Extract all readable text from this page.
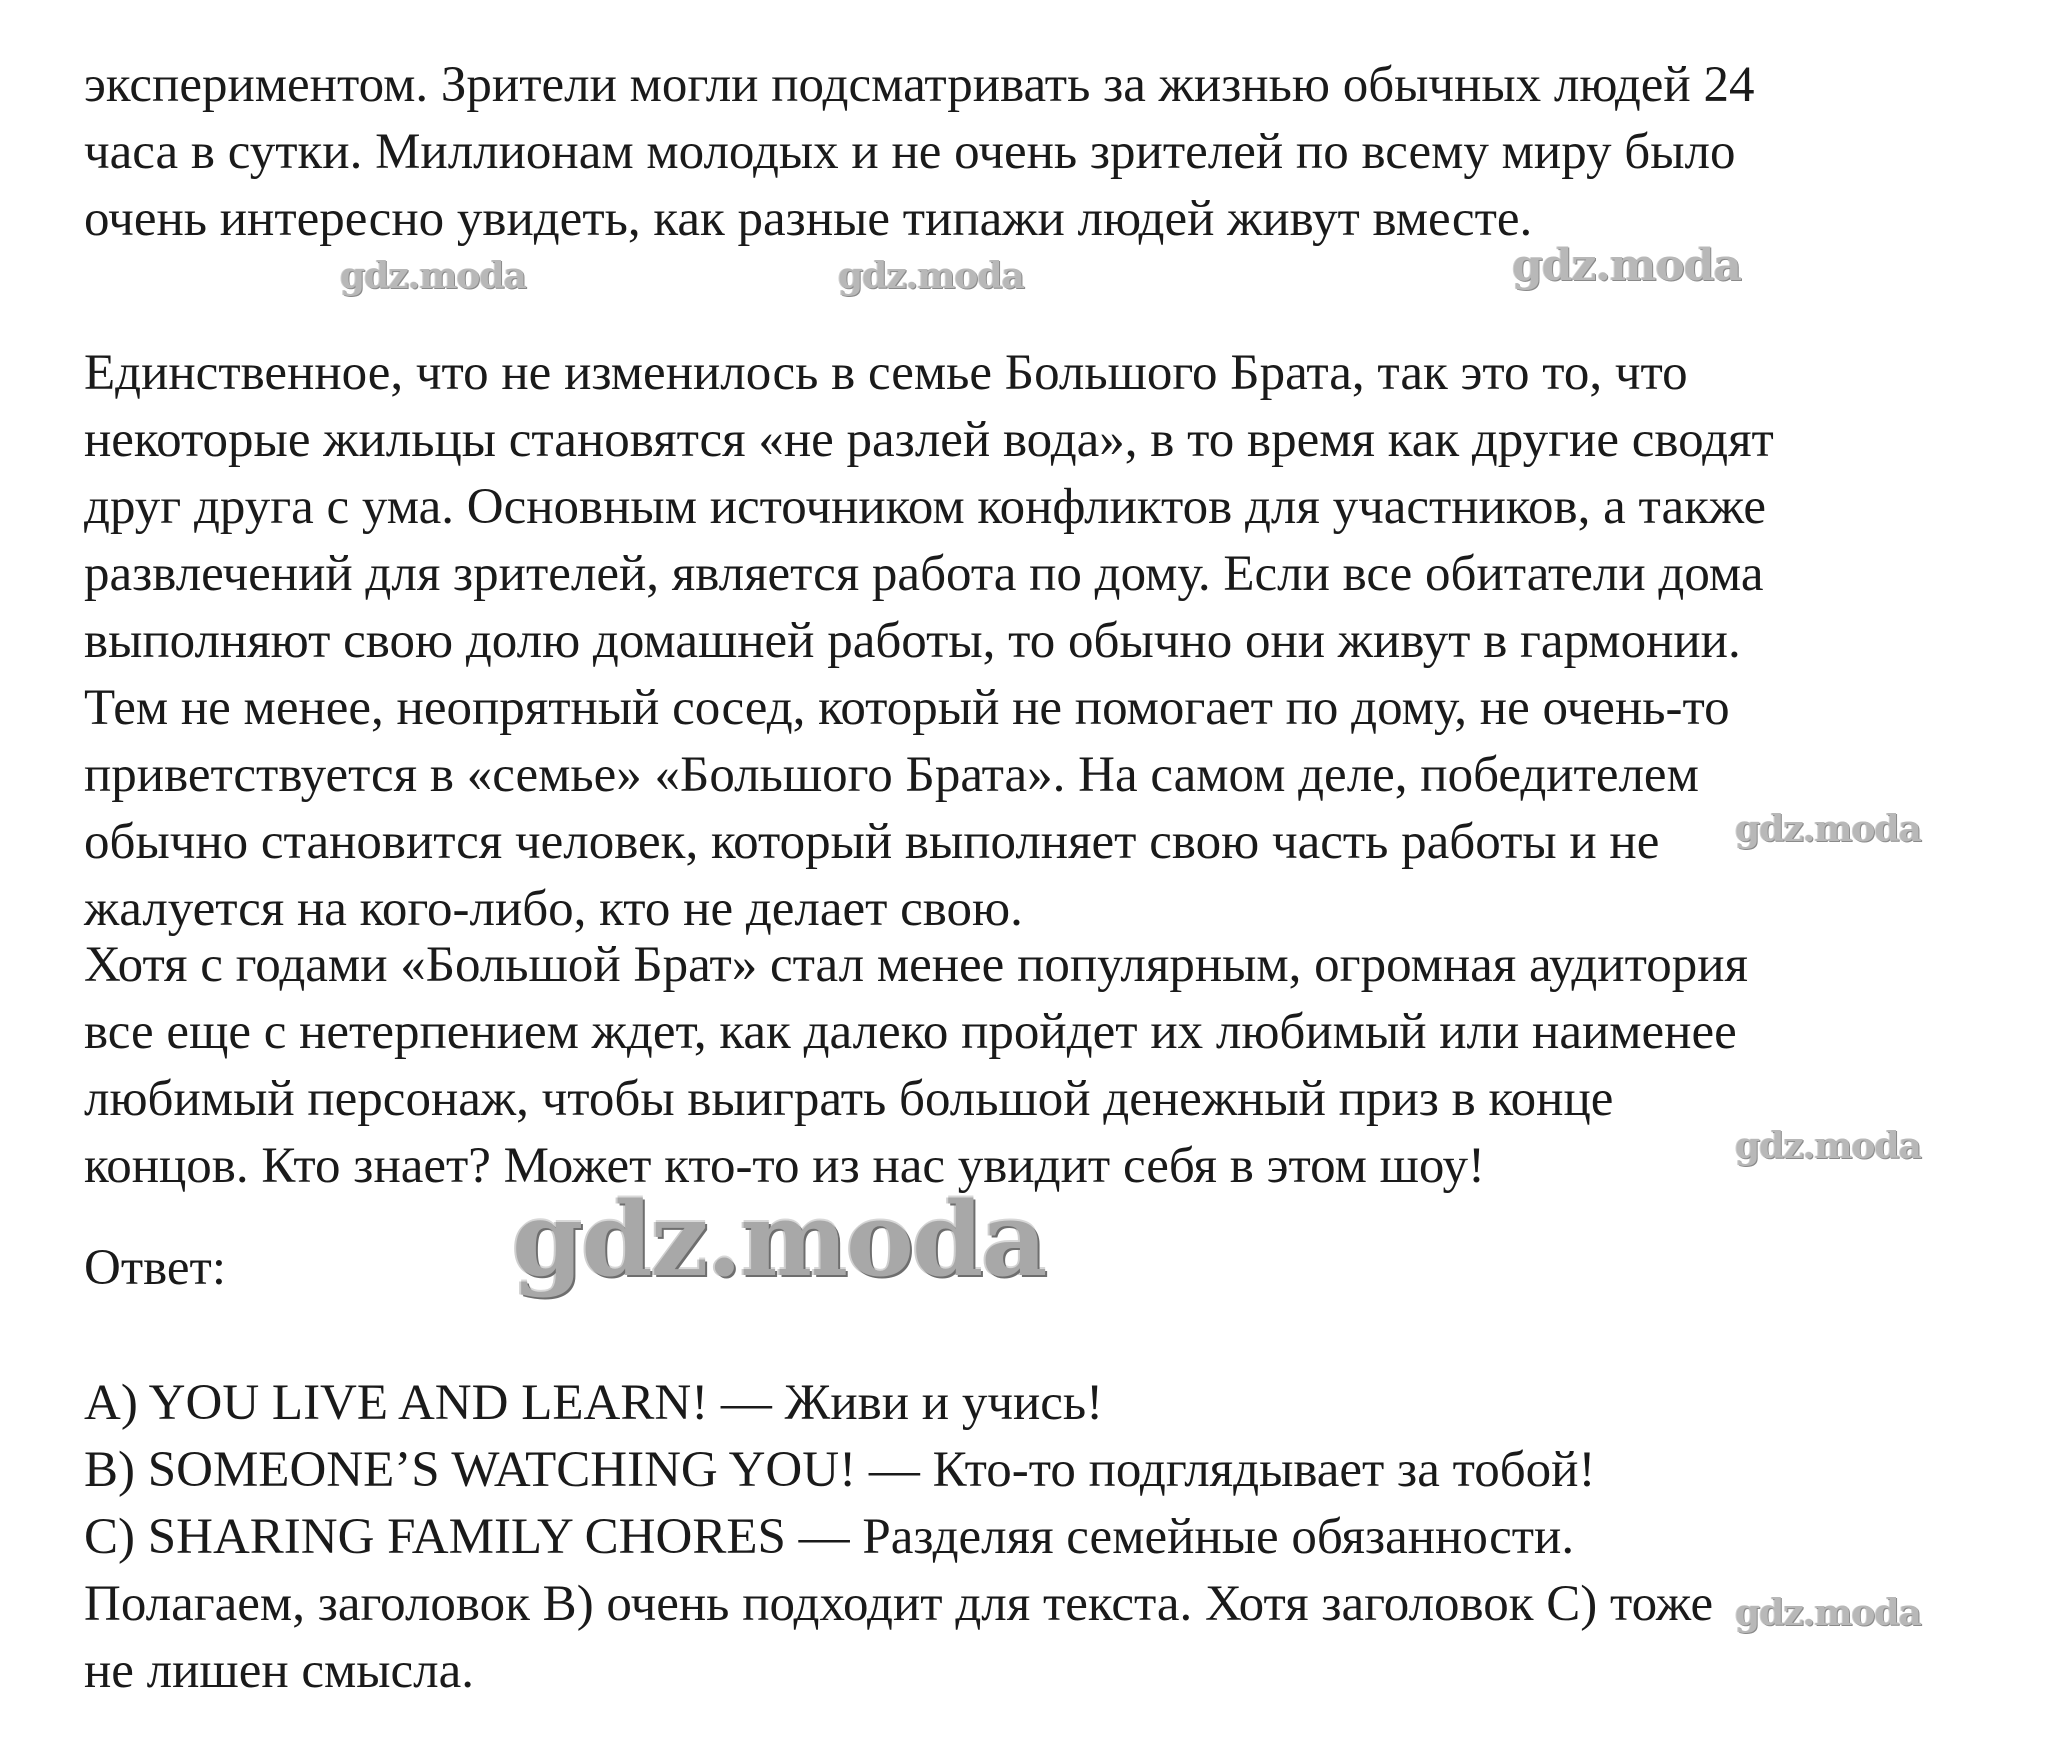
экспериментом. Зрители могли подсматривать за жизнью обычных людей 24
часа в сутки. Миллионам молодых и не очень зрителей по всему миру было
очень интересно увидеть, как разные типажи людей живут вместе.

Единственное, что не изменилось в семье Большого Брата, так это то, что
некоторые жильцы становятся «не разлей вода», в то время как другие сводят
друг друга с ума. Основным источником конфликтов для участников, а также
развлечений для зрителей, является работа по дому. Если все обитатели дома
выполняют свою долю домашней работы, то обычно они живут в гармонии.
Тем не менее, неопрятный сосед, который не помогает по дому, не очень-то
приветствуется в «семье» «Большого Брата». На самом деле, победителем
обычно становится человек, который выполняет свою часть работы и не
жалуется на кого-либо, кто не делает свою.

Хотя с годами «Большой Брат» стал менее популярным, огромная аудитория
все еще с нетерпением ждет, как далеко пройдет их любимый или наименее
любимый персонаж, чтобы выиграть большой денежный приз в конце
концов. Кто знает? Может кто-то из нас увидит себя в этом шоу!

Ответ:

A) YOU LIVE AND LEARN! — Живи и учись!
B) SOMEONE’S WATCHING YOU! — Кто-то подглядывает за тобой!
C) SHARING FAMILY CHORES — Разделяя семейные обязанности.
Полагаем, заголовок B) очень подходит для текста. Хотя заголовок C) тоже
не лишен смысла.

gdz.moda	gdz.moda	gdz.moda
gdz.moda
gdz.moda
gdz.moda
gdz.moda
